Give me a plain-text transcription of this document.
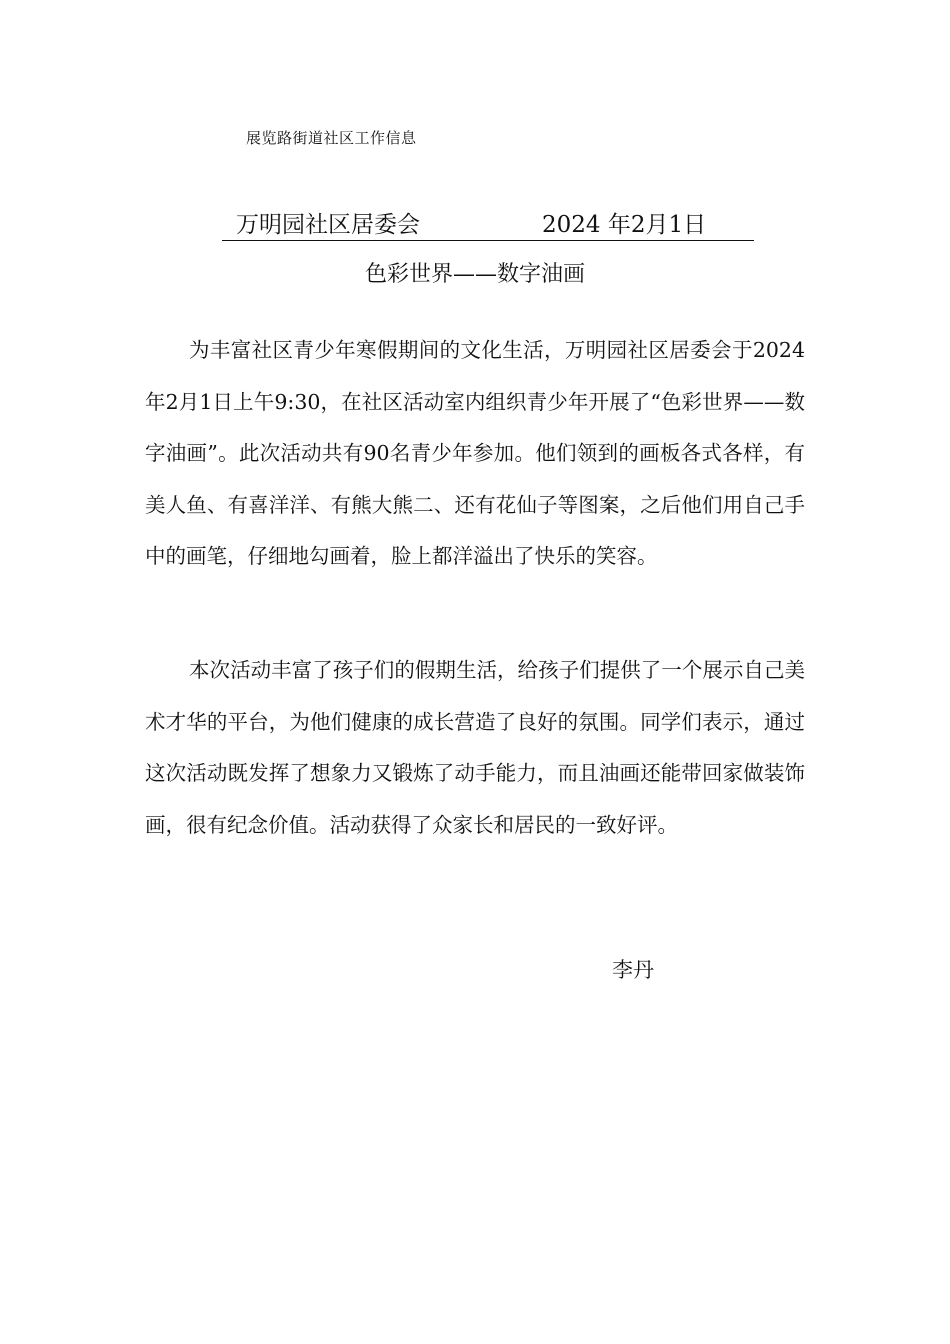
展览路街道社区工作信息
万明园社区居委会	2024 年2月1日
色彩世界——数字油画

为丰富社区青少年寒假期间的文化生活，万明园社区居委会于2024年2月1日上午9:30，在社区活动室内组织青少年开展了“色彩世界——数字油画”。此次活动共有90名青少年参加。他们领到的画板各式各样，有美人鱼、有喜洋洋、有熊大熊二、还有花仙子等图案，之后他们用自己手中的画笔，仔细地勾画着，脸上都洋溢出了快乐的笑容。

本次活动丰富了孩子们的假期生活，给孩子们提供了一个展示自己美术才华的平台，为他们健康的成长营造了良好的氛围。同学们表示，通过这次活动既发挥了想象力又锻炼了动手能力，而且油画还能带回家做装饰画，很有纪念价值。活动获得了众家长和居民的一致好评。

李丹
